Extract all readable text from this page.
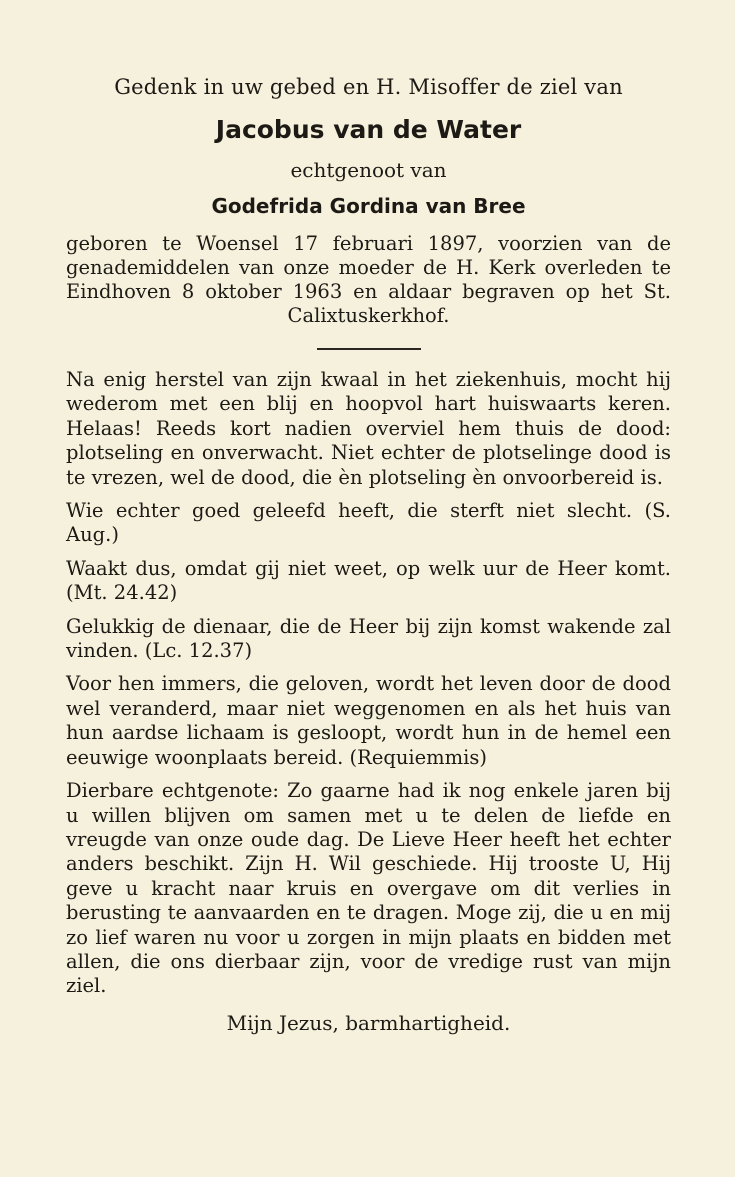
Gedenk in uw gebed en H. Misoffer de ziel van

Jacobus van de Water

echtgenoot van

Godefrida Gordina van Bree

geboren te Woensel 17 februari 1897, voorzien van de genademiddelen van onze moeder de H. Kerk overleden te Eindhoven 8 oktober 1963 en aldaar begraven op het St. Calixtuskerkhof.

Na enig herstel van zijn kwaal in het ziekenhuis, mocht hij wederom met een blij en hoopvol hart huiswaarts keren. Helaas! Reeds kort nadien overviel hem thuis de dood: plotseling en onverwacht. Niet echter de plotselinge dood is te vrezen, wel de dood, die èn plotseling èn onvoorbereid is.

Wie echter goed geleefd heeft, die sterft niet slecht. (S. Aug.)

Waakt dus, omdat gij niet weet, op welk uur de Heer komt. (Mt. 24.42)

Gelukkig de dienaar, die de Heer bij zijn komst wakende zal vinden. (Lc. 12.37)

Voor hen immers, die geloven, wordt het leven door de dood wel veranderd, maar niet weggenomen en als het huis van hun aardse lichaam is gesloopt, wordt hun in de hemel een eeuwige woonplaats bereid. (Requiemmis)

Dierbare echtgenote: Zo gaarne had ik nog enkele jaren bij u willen blijven om samen met u te delen de liefde en vreugde van onze oude dag. De Lieve Heer heeft het echter anders beschikt. Zijn H. Wil geschiede. Hij trooste U, Hij geve u kracht naar kruis en overgave om dit verlies in berusting te aanvaarden en te dragen. Moge zij, die u en mij zo lief waren nu voor u zorgen in mijn plaats en bidden met allen, die ons dierbaar zijn, voor de vredige rust van mijn ziel.

Mijn Jezus, barmhartigheid.
